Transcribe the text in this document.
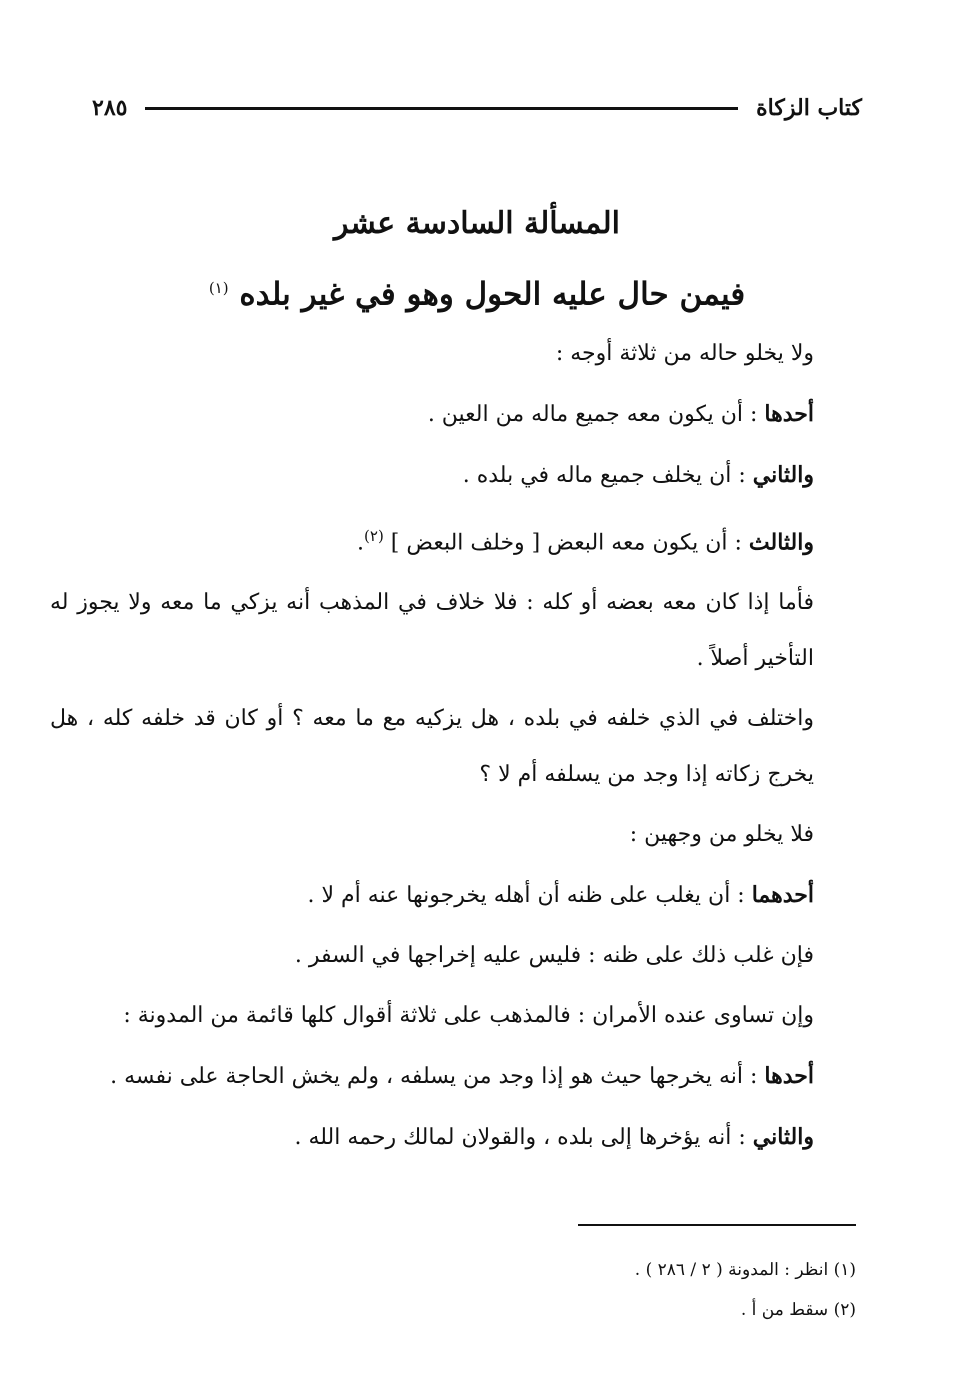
كتاب الزكاة
٢٨٥
المسألة السادسة عشر
فيمن حال عليه الحول وهو في غير بلده $^{(١)}$

ولا يخلو حاله من ثلاثة أوجه :

أحدها : أن يكون معه جميع ماله من العين .

والثاني : أن يخلف جميع ماله في بلده .

والثالث : أن يكون معه البعض [ وخلف البعض ] $^{(٢)}$.

فأما إذا كان معه بعضه أو كله : فلا خلاف في المذهب أنه يزكي ما معه ولا يجوز له التأخير أصلاً .

واختلف في الذي خلفه في بلده ، هل يزكيه مع ما معه ؟ أو كان قد خلفه كله ، هل يخرج زكاته إذا وجد من يسلفه أم لا ؟

فلا يخلو من وجهين :

أحدهما : أن يغلب على ظنه أن أهله يخرجونها عنه أم لا .

فإن غلب ذلك على ظنه : فليس عليه إخراجها في السفر .

وإن تساوى عنده الأمران : فالمذهب على ثلاثة أقوال كلها قائمة من المدونة :

أحدها : أنه يخرجها حيث هو إذا وجد من يسلفه ، ولم يخش الحاجة على نفسه .

والثاني : أنه يؤخرها إلى بلده ، والقولان لمالك رحمه الله .

(١) انظر : المدونة ( ٢ / ٢٨٦ ) .

(٢) سقط من أ .
